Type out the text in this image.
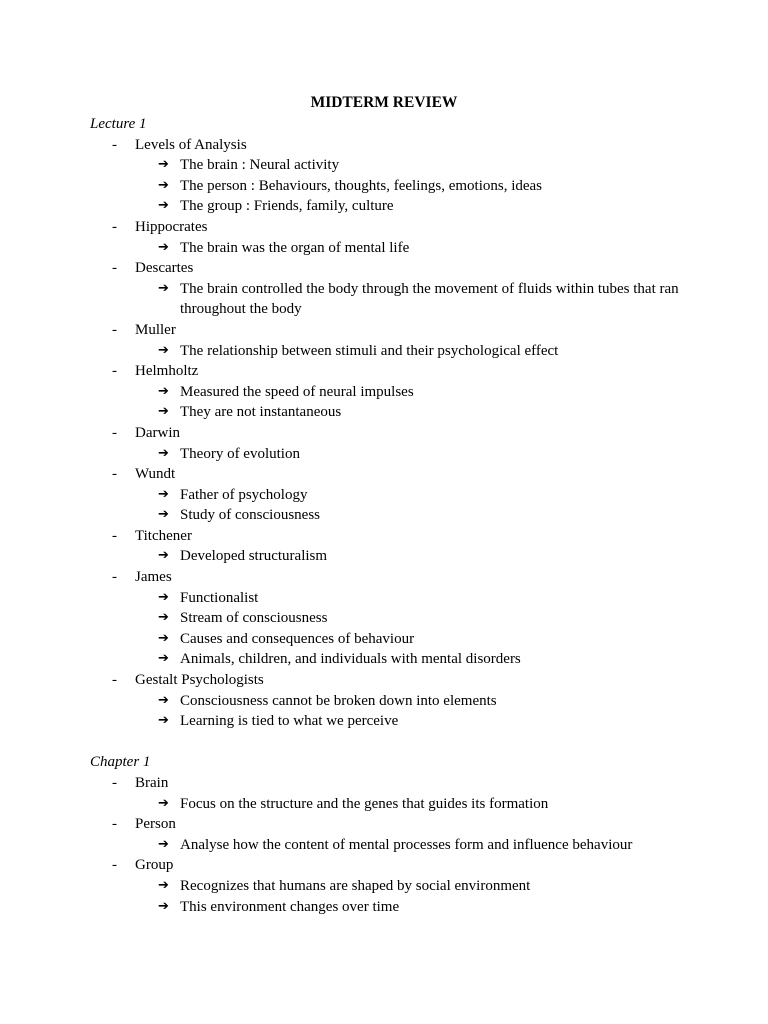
MIDTERM REVIEW
Lecture 1
- Levels of Analysis
➔ The brain : Neural activity
➔ The person : Behaviours, thoughts, feelings, emotions, ideas
➔ The group : Friends, family, culture
- Hippocrates
➔ The brain was the organ of mental life
- Descartes
➔ The brain controlled the body through the movement of fluids within tubes that ran throughout the body
- Muller
➔ The relationship between stimuli and their psychological effect
- Helmholtz
➔ Measured the speed of neural impulses
➔ They are not instantaneous
- Darwin
➔ Theory of evolution
- Wundt
➔ Father of psychology
➔ Study of consciousness
- Titchener
➔ Developed structuralism
- James
➔ Functionalist
➔ Stream of consciousness
➔ Causes and consequences of behaviour
➔ Animals, children, and individuals with mental disorders
- Gestalt Psychologists
➔ Consciousness cannot be broken down into elements
➔ Learning is tied to what we perceive
Chapter 1
- Brain
➔ Focus on the structure and the genes that guides its formation
- Person
➔ Analyse how the content of mental processes form and influence behaviour
- Group
➔ Recognizes that humans are shaped by social environment
➔ This environment changes over time
